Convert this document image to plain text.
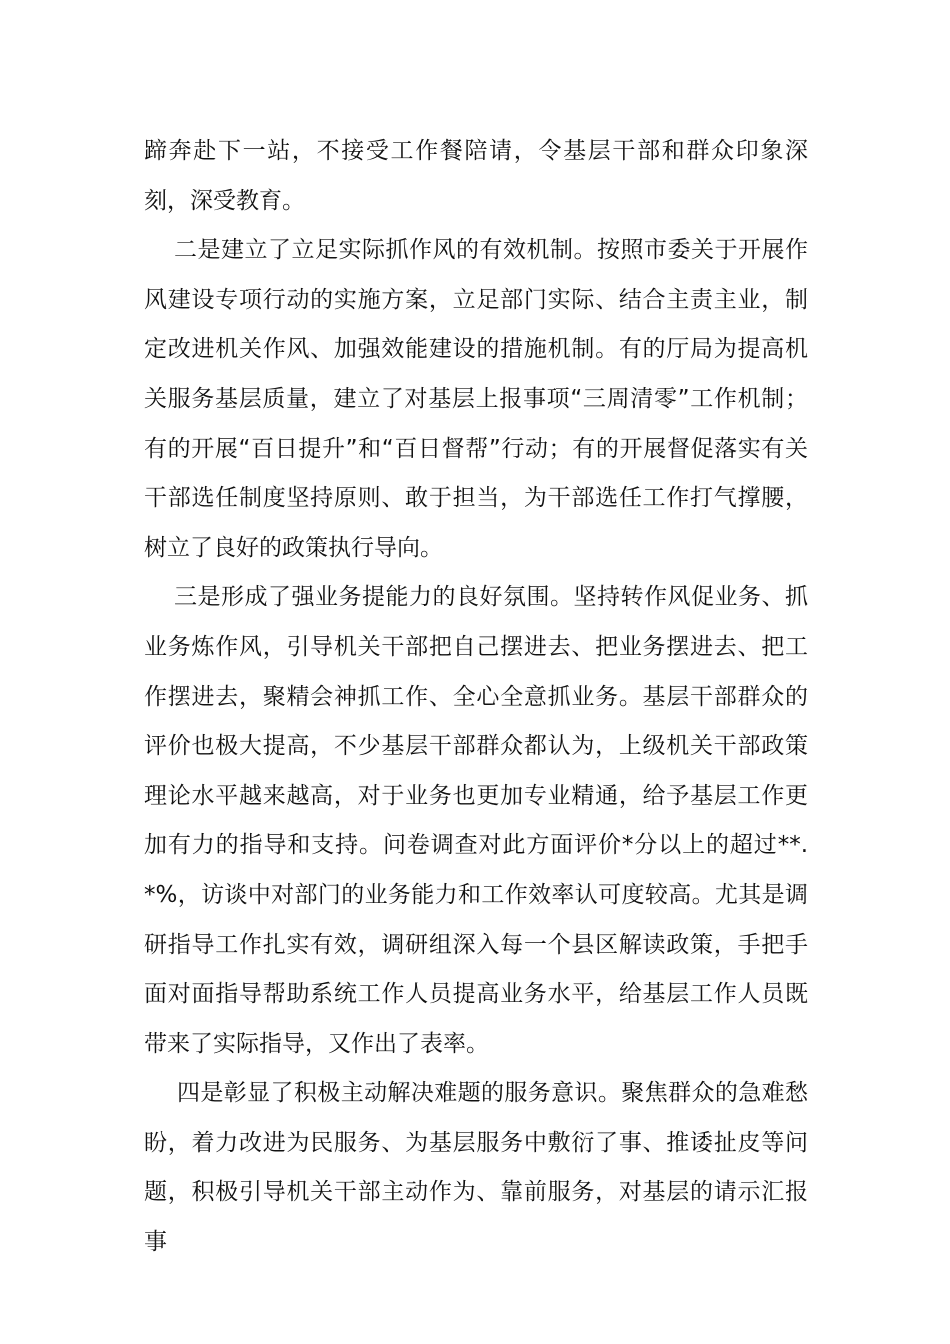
蹄奔赴下一站，不接受工作餐陪请，令基层干部和群众印象深刻，深受教育。

二是建立了立足实际抓作风的有效机制。按照市委关于开展作风建设专项行动的实施方案，立足部门实际、结合主责主业，制定改进机关作风、加强效能建设的措施机制。有的厅局为提高机关服务基层质量，建立了对基层上报事项“三周清零”工作机制；有的开展“百日提升”和“百日督帮”行动；有的开展督促落实有关干部选任制度坚持原则、敢于担当，为干部选任工作打气撑腰，树立了良好的政策执行导向。

三是形成了强业务提能力的良好氛围。坚持转作风促业务、抓业务炼作风，引导机关干部把自己摆进去、把业务摆进去、把工作摆进去，聚精会神抓工作、全心全意抓业务。基层干部群众的评价也极大提高，不少基层干部群众都认为，上级机关干部政策理论水平越来越高，对于业务也更加专业精通，给予基层工作更加有力的指导和支持。问卷调查对此方面评价*分以上的超过**.*%，访谈中对部门的业务能力和工作效率认可度较高。尤其是调研指导工作扎实有效，调研组深入每一个县区解读政策，手把手面对面指导帮助系统工作人员提高业务水平，给基层工作人员既带来了实际指导，又作出了表率。

四是彰显了积极主动解决难题的服务意识。聚焦群众的急难愁盼，着力改进为民服务、为基层服务中敷衍了事、推诿扯皮等问题，积极引导机关干部主动作为、靠前服务，对基层的请示汇报事
